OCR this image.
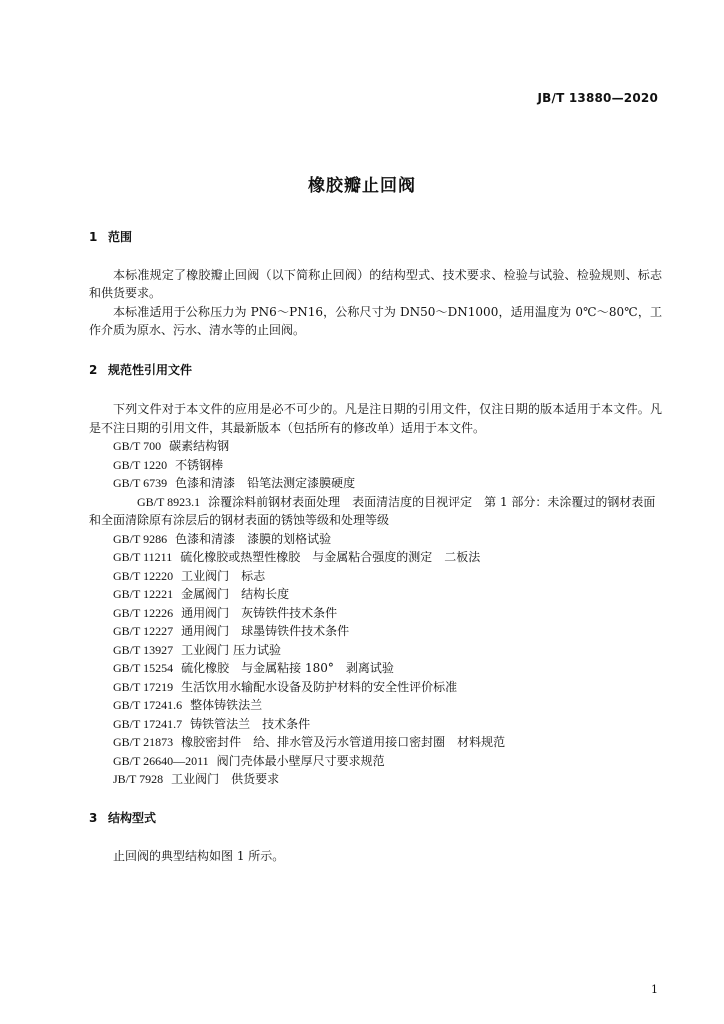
JB/T 13880—2020
橡胶瓣止回阀
1 范围

本标准规定了橡胶瓣止回阀（以下简称止回阀）的结构型式、技术要求、检验与试验、检验规则、标志和供货要求。

本标准适用于公称压力为 PN6～PN16，公称尺寸为 DN50～DN1000，适用温度为 0℃～80℃，工作介质为原水、污水、清水等的止回阀。

2 规范性引用文件

下列文件对于本文件的应用是必不可少的。凡是注日期的引用文件，仅注日期的版本适用于本文件。凡是不注日期的引用文件，其最新版本（包括所有的修改单）适用于本文件。

GB/T 700 碳素结构钢
GB/T 1220 不锈钢棒
GB/T 6739 色漆和清漆　铅笔法测定漆膜硬度
GB/T 8923.1 涂覆涂料前钢材表面处理　表面清洁度的目视评定　第 1 部分：未涂覆过的钢材表面和全面清除原有涂层后的钢材表面的锈蚀等级和处理等级
GB/T 9286 色漆和清漆　漆膜的划格试验
GB/T 11211 硫化橡胶或热塑性橡胶　与金属粘合强度的测定　二板法
GB/T 12220 工业阀门　标志
GB/T 12221 金属阀门　结构长度
GB/T 12226 通用阀门　灰铸铁件技术条件
GB/T 12227 通用阀门　球墨铸铁件技术条件
GB/T 13927 工业阀门 压力试验
GB/T 15254 硫化橡胶　与金属粘接 180°　剥离试验
GB/T 17219 生活饮用水输配水设备及防护材料的安全性评价标准
GB/T 17241.6 整体铸铁法兰
GB/T 17241.7 铸铁管法兰　技术条件
GB/T 21873 橡胶密封件　给、排水管及污水管道用接口密封圈　材料规范
GB/T 26640—2011 阀门壳体最小壁厚尺寸要求规范
JB/T 7928 工业阀门　供货要求
3 结构型式

止回阀的典型结构如图 1 所示。

1
